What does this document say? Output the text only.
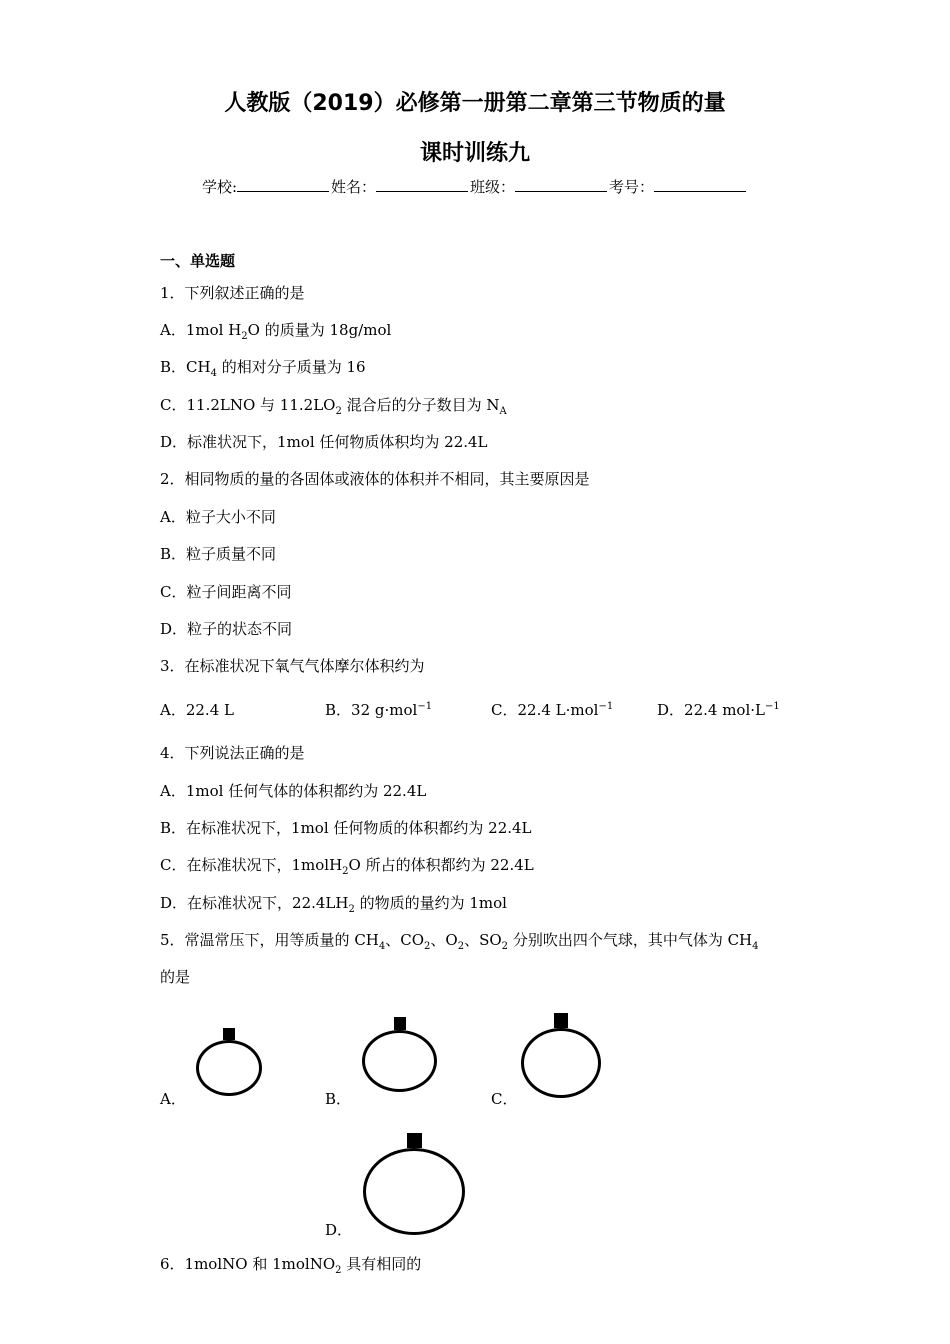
人教版（2019）必修第一册第二章第三节物质的量
课时训练九
学校:	姓名：	班级：	考号：
一、单选题
1．下列叙述正确的是
A．1mol $H_2O$ 的质量为 18g/mol
B．$CH_4$ 的相对分子质量为 16
C．11.2LNO 与 $11.2LO_2$ 混合后的分子数目为 $N_A$
D．标准状况下，1mol 任何物质体积均为 22.4L
2．相同物质的量的各固体或液体的体积并不相同，其主要原因是
A．粒子大小不同
B．粒子质量不同
C．粒子间距离不同
D．粒子的状态不同
3．在标准状况下氧气气体摩尔体积约为
A．22.4 L	B．32 g·mol$^{-1}$	C．22.4 L·mol$^{-1}$	D．22.4 $mol\cdot L^{-1}$
4．下列说法正确的是
A．1mol 任何气体的体积都约为 22.4L
B．在标准状况下，1mol 任何物质的体积都约为 22.4L
C．在标准状况下，1molH$_2$O 所占的体积都约为 22.4L
D．在标准状况下，$22.4LH_2$ 的物质的量约为 1mol
5．常温常压下，用等质量的 $CH_4$、$CO_2$、$O_2$、$SO_2$ 分别吹出四个气球，其中气体为 $CH_4$
的是
A．	B．	C．
D．
6．1molNO 和 1molNO$_2$ 具有相同的
